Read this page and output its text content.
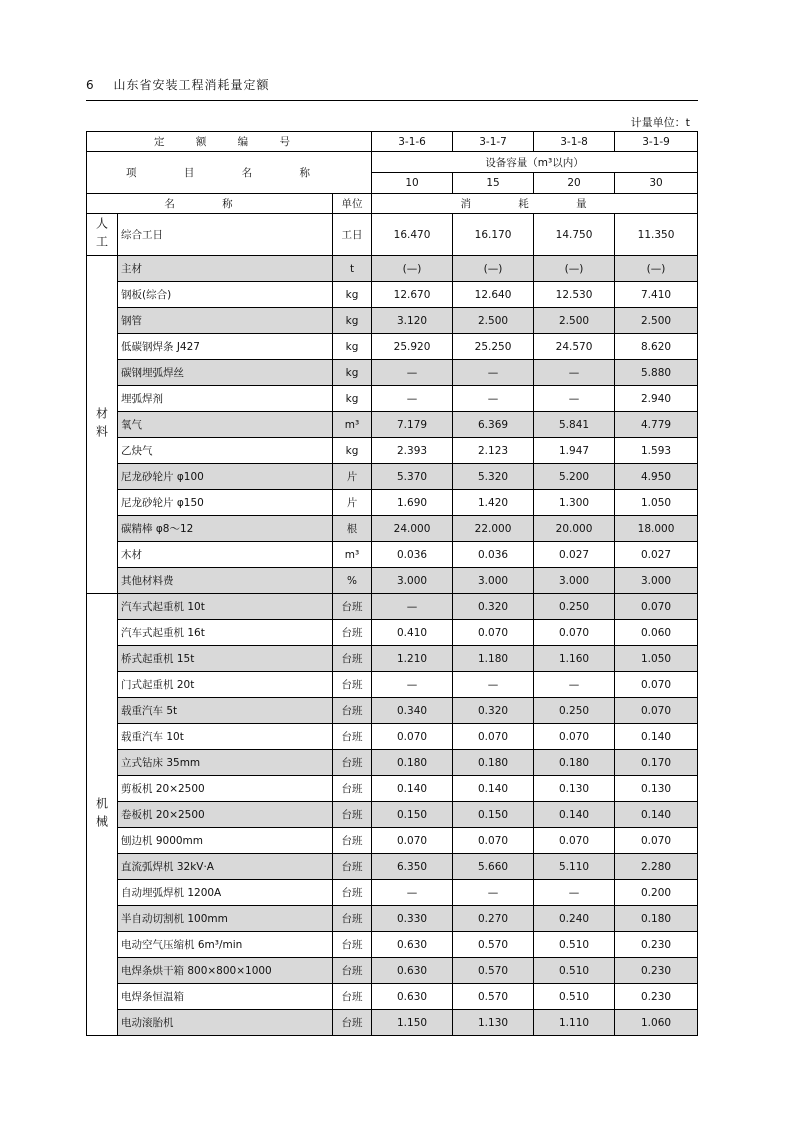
6 山东省安装工程消耗量定额
计量单位：t
定 额 编 号			3-1-6	3-1-7	3-1-8	3-1-9
项 目 名 称			设备容量（m³以内）			
			10	15	20	30
名 称		单位	消 耗 量			
人工	综合工日	工日	16.470	16.170	14.750	11.350
材料	主材	t	(—)	(—)	(—)	(—)
	钢板(综合)	kg	12.670	12.640	12.530	7.410
	钢管	kg	3.120	2.500	2.500	2.500
	低碳钢焊条 J427	kg	25.920	25.250	24.570	8.620
	碳钢埋弧焊丝	kg	—	—	—	5.880
	埋弧焊剂	kg	—	—	—	2.940
	氧气	m³	7.179	6.369	5.841	4.779
	乙炔气	kg	2.393	2.123	1.947	1.593
	尼龙砂轮片 φ100	片	5.370	5.320	5.200	4.950
	尼龙砂轮片 φ150	片	1.690	1.420	1.300	1.050
	碳精棒 φ8～12	根	24.000	22.000	20.000	18.000
	木材	m³	0.036	0.036	0.027	0.027
	其他材料费	%	3.000	3.000	3.000	3.000
机械	汽车式起重机 10t	台班	—	0.320	0.250	0.070
	汽车式起重机 16t	台班	0.410	0.070	0.070	0.060
	桥式起重机 15t	台班	1.210	1.180	1.160	1.050
	门式起重机 20t	台班	—	—	—	0.070
	载重汽车 5t	台班	0.340	0.320	0.250	0.070
	载重汽车 10t	台班	0.070	0.070	0.070	0.140
	立式钻床 35mm	台班	0.180	0.180	0.180	0.170
	剪板机 20×2500	台班	0.140	0.140	0.130	0.130
	卷板机 20×2500	台班	0.150	0.150	0.140	0.140
	刨边机 9000mm	台班	0.070	0.070	0.070	0.070
	直流弧焊机 32kV·A	台班	6.350	5.660	5.110	2.280
	自动埋弧焊机 1200A	台班	—	—	—	0.200
	半自动切割机 100mm	台班	0.330	0.270	0.240	0.180
	电动空气压缩机 6m³/min	台班	0.630	0.570	0.510	0.230
	电焊条烘干箱 800×800×1000	台班	0.630	0.570	0.510	0.230
	电焊条恒温箱	台班	0.630	0.570	0.510	0.230
	电动滚胎机	台班	1.150	1.130	1.110	1.060
